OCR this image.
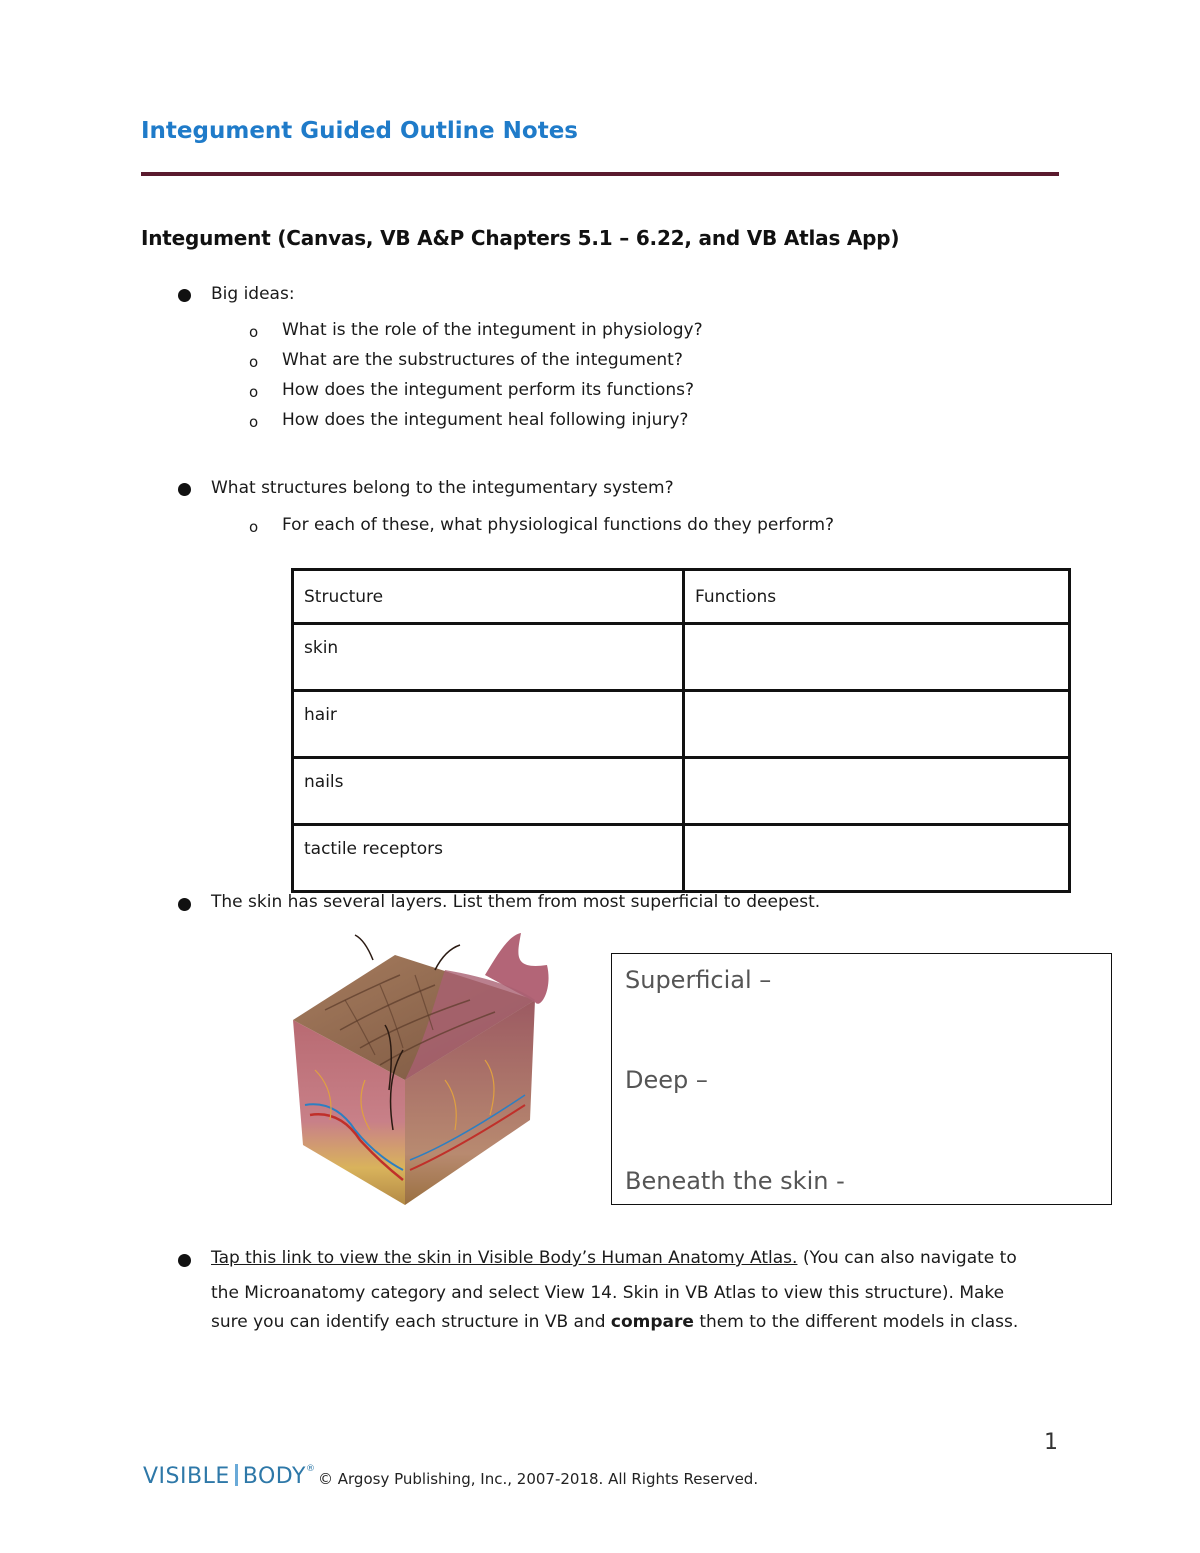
Integument Guided Outline Notes
Integument (Canvas, VB A&P Chapters 5.1 – 6.22, and VB Atlas App)
Big ideas:
o What is the role of the integument in physiology?
o What are the substructures of the integument?
o How does the integument perform its functions?
o How does the integument heal following injury?
What structures belong to the integumentary system?
o For each of these, what physiological functions do they perform?
Structure	Functions
skin	
hair	
nails	
tactile receptors	
The skin has several layers. List them from most superficial to deepest.
Superficial –
Deep –
Beneath the skin -
Tap this link to view the skin in Visible Body’s Human Anatomy Atlas. (You can also navigate to
the Microanatomy category and select View 14. Skin in VB Atlas to view this structure). Make
sure you can identify each structure in VB and compare them to the different models in class.
1
VISIBLE BODY®
© Argosy Publishing, Inc., 2007-2018. All Rights Reserved.
